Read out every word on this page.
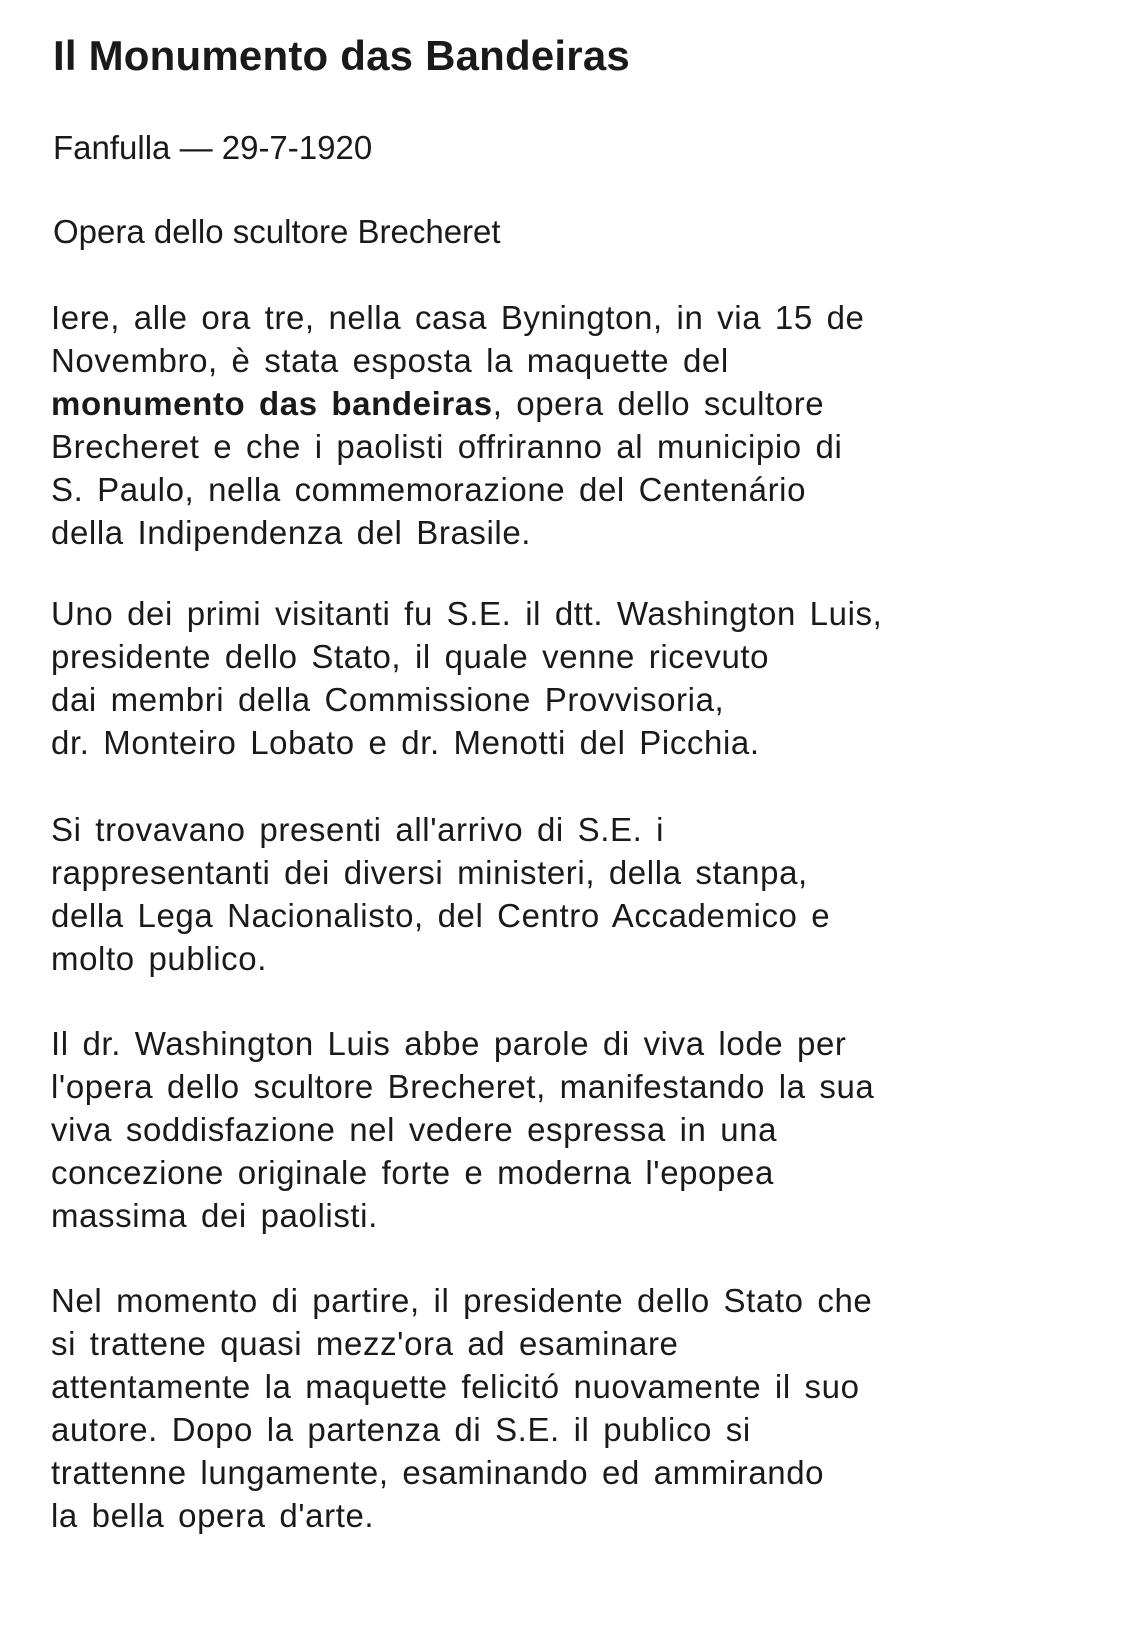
Il Monumento das Bandeiras

Fanfulla — 29-7-1920

Opera dello scultore Brecheret

Iere, alle ora tre, nella casa Bynington, in via 15 de
Novembro, è stata esposta la maquette del
monumento das bandeiras, opera dello scultore
Brecheret e che i paolisti offriranno al municipio di
S. Paulo, nella commemorazione del Centenário
della Indipendenza del Brasile.

Uno dei primi visitanti fu S.E. il dtt. Washington Luis,
presidente dello Stato, il quale venne ricevuto
dai membri della Commissione Provvisoria,
dr. Monteiro Lobato e dr. Menotti del Picchia.

Si trovavano presenti all'arrivo di S.E. i
rappresentanti dei diversi ministeri, della stanpa,
della Lega Nacionalisto, del Centro Accademico e
molto publico.

Il dr. Washington Luis abbe parole di viva lode per
l'opera dello scultore Brecheret, manifestando la sua
viva soddisfazione nel vedere espressa in una
concezione originale forte e moderna l'epopea
massima dei paolisti.

Nel momento di partire, il presidente dello Stato che
si trattene quasi mezz'ora ad esaminare
attentamente la maquette felicitó nuovamente il suo
autore. Dopo la partenza di S.E. il publico si
trattenne lungamente, esaminando ed ammirando
la bella opera d'arte.
